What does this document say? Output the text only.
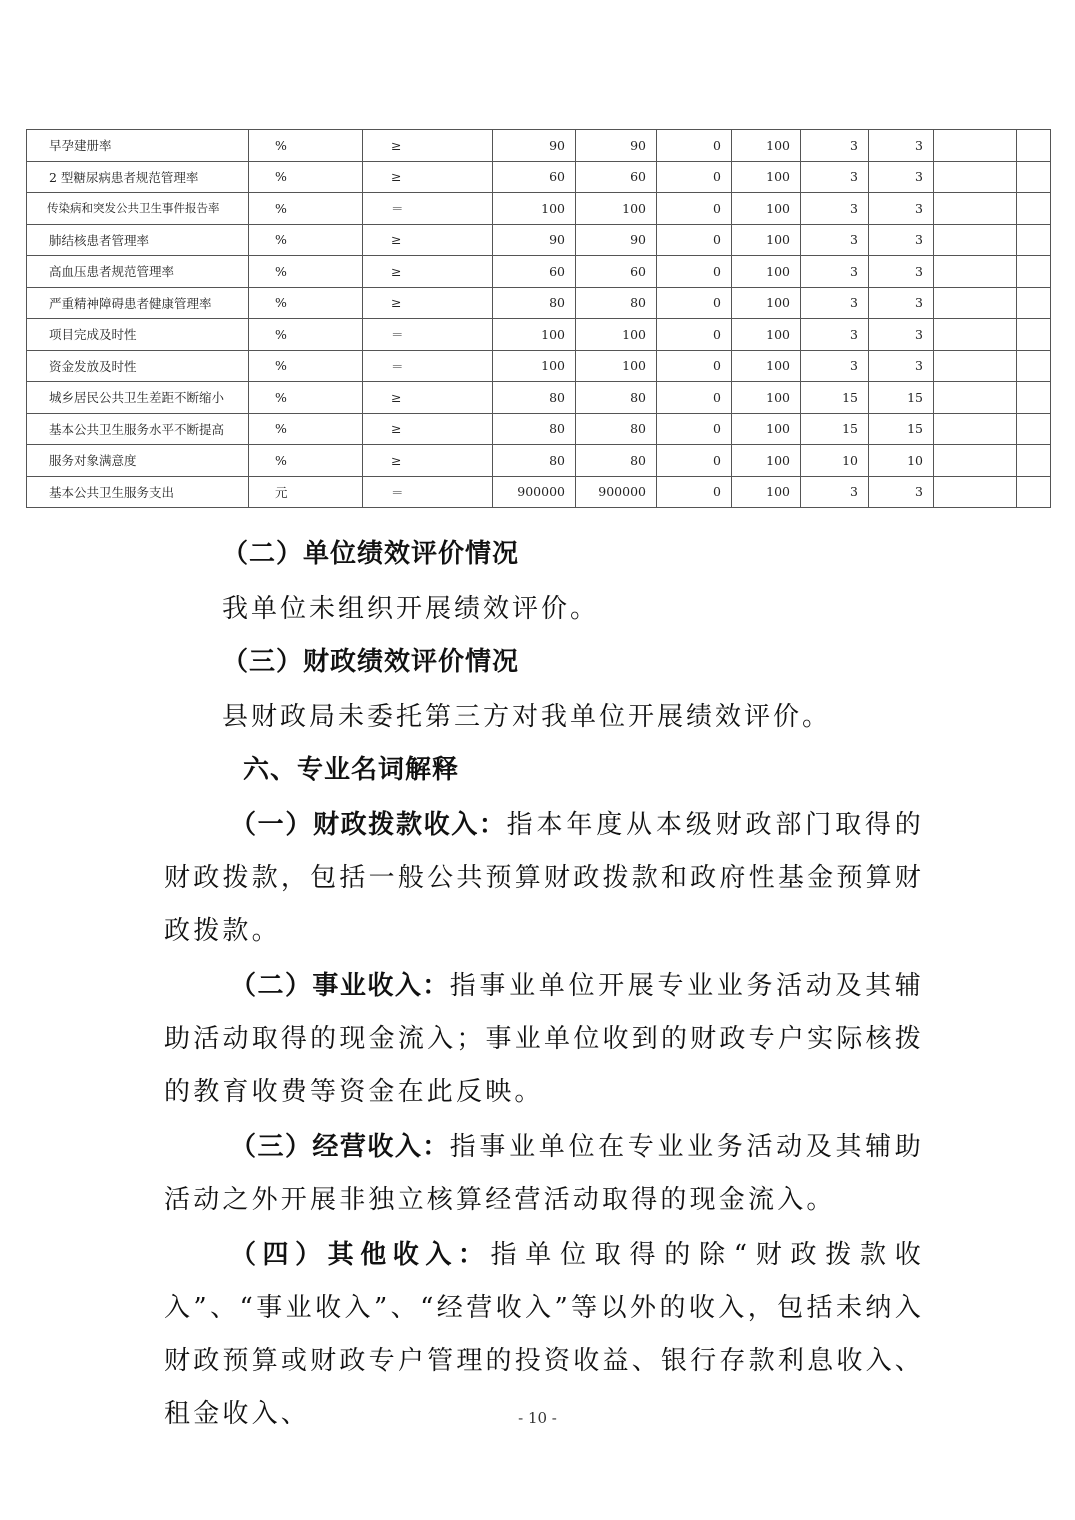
早孕建册率	%	≥	90	90	0	100	3	3		
2 型糖尿病患者规范管理率	%	≥	60	60	0	100	3	3		
传染病和突发公共卫生事件报告率	%	＝	100	100	0	100	3	3		
肺结核患者管理率	%	≥	90	90	0	100	3	3		
高血压患者规范管理率	%	≥	60	60	0	100	3	3		
严重精神障碍患者健康管理率	%	≥	80	80	0	100	3	3		
项目完成及时性	%	＝	100	100	0	100	3	3		
资金发放及时性	%	＝	100	100	0	100	3	3		
城乡居民公共卫生差距不断缩小	%	≥	80	80	0	100	15	15		
基本公共卫生服务水平不断提高	%	≥	80	80	0	100	15	15		
服务对象满意度	%	≥	80	80	0	100	10	10		
基本公共卫生服务支出	元	＝	900000	900000	0	100	3	3		

（二）单位绩效评价情况

我单位未组织开展绩效评价。

（三）财政绩效评价情况

县财政局未委托第三方对我单位开展绩效评价。

六、专业名词解释

（一）财政拨款收入：指本年度从本级财政部门取得的财政拨款，包括一般公共预算财政拨款和政府性基金预算财政拨款。

（二）事业收入：指事业单位开展专业业务活动及其辅助活动取得的现金流入；事业单位收到的财政专户实际核拨的教育收费等资金在此反映。

（三）经营收入：指事业单位在专业业务活动及其辅助活动之外开展非独立核算经营活动取得的现金流入。

（四）其他收入：指单位取得的除“财政拨款收入”、“事业收入”、“经营收入”等以外的收入，包括未纳入财政预算或财政专户管理的投资收益、银行存款利息收入、租金收入、	- 10 -
